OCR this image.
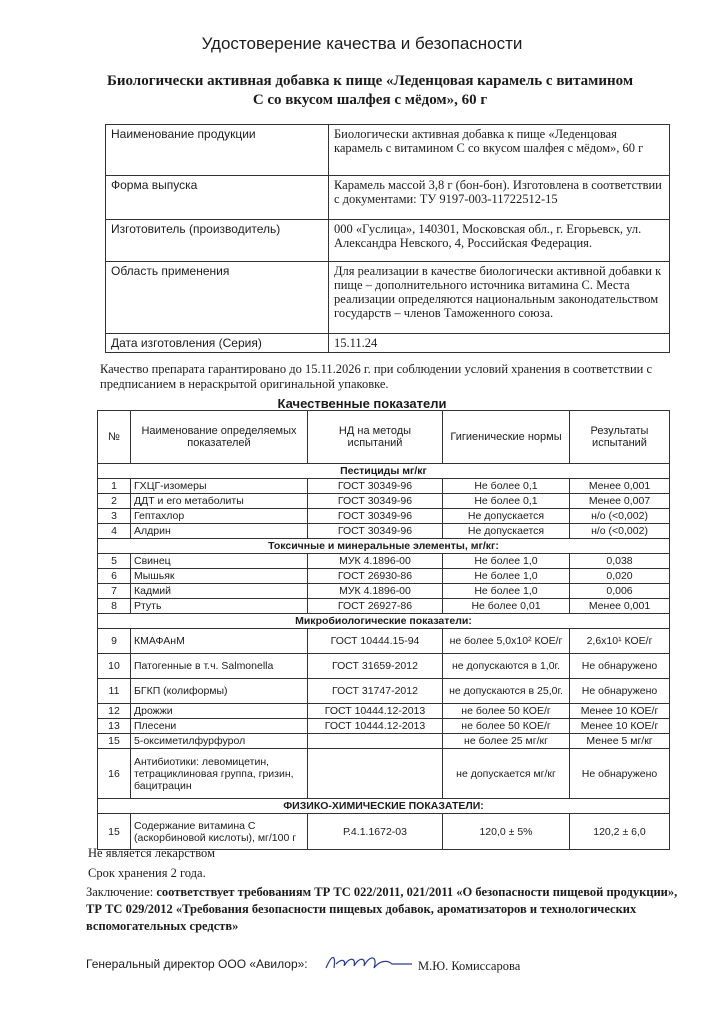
Удостоверение качества и безопасности
Биологически активная добавка к пище «Леденцовая карамель с витамином С со вкусом шалфея с мёдом», 60 г
Наименование продукции	Биологически активная добавка к пище «Леденцовая карамель с витамином С со вкусом шалфея с мёдом», 60 г
Форма выпуска	Карамель массой 3,8 г (бон-бон). Изготовлена в соответствии с документами: ТУ 9197-003-11722512-15
Изготовитель (производитель)	000 «Гуслица», 140301, Московская обл., г. Егорьевск, ул. Александра Невского, 4, Российская Федерация.
Область применения	Для реализации в качестве биологически активной добавки к пище – дополнительного источника витамина С. Места реализации определяются национальным законодательством государств – членов Таможенного союза.
Дата изготовления (Серия)	15.11.24
Качество препарата гарантировано до 15.11.2026 г. при соблюдении условий хранения в соответствии с предписанием в нераскрытой оригинальной упаковке.
Качественные показатели
№	Наименование определяемых показателей	НД на методы испытаний	Гигиенические нормы	Результаты испытаний
Пестициды мг/кг				
1	ГХЦГ-изомеры	ГОСТ 30349-96	Не более 0,1	Менее 0,001
2	ДДТ и его метаболиты	ГОСТ 30349-96	Не более 0,1	Менее 0,007
3	Гептахлор	ГОСТ 30349-96	Не допускается	н/о (<0,002)
4	Алдрин	ГОСТ 30349-96	Не допускается	н/о (<0,002)
Токсичные и минеральные элементы, мг/кг:				
5	Свинец	МУК 4.1896-00	Не более 1,0	0,038
6	Мышьяк	ГОСТ 26930-86	Не более 1,0	0,020
7	Кадмий	МУК 4.1896-00	Не более 1,0	0,006
8	Ртуть	ГОСТ 26927-86	Не более 0,01	Менее 0,001
Микробиологические показатели:				
9	КМАФАнМ	ГОСТ 10444.15-94	не более 5,0x10² КОЕ/г	2,6x10¹ КОЕ/г
10	Патогенные в т.ч. Salmonella	ГОСТ 31659-2012	не допускаются в 1,0г.	Не обнаружено
11	БГКП (колиформы)	ГОСТ 31747-2012	не допускаются в 25,0г.	Не обнаружено
12	Дрожжи	ГОСТ 10444.12-2013	не более 50 КОЕ/г	Менее 10 КОЕ/г
13	Плесени	ГОСТ 10444.12-2013	не более 50 КОЕ/г	Менее 10 КОЕ/г
15	5-оксиметилфурфурол		не более 25 мг/кг	Менее 5 мг/кг
16	Антибиотики: левомицетин, тетрациклиновая группа, гризин, бацитрацин		не допускается мг/кг	Не обнаружено
ФИЗИКО-ХИМИЧЕСКИЕ ПОКАЗАТЕЛИ:				
15	Содержание витамина С (аскорбиновой кислоты), мг/100 г	Р.4.1.1672-03	120,0 ± 5%	120,2 ± 6,0
Не является лекарством
Срок хранения 2 года.
Заключение: соответствует требованиям ТР ТС 022/2011, 021/2011 «О безопасности пищевой продукции», ТР ТС 029/2012 «Требования безопасности пищевых добавок, ароматизаторов и технологических вспомогательных средств»
Генеральный директор ООО «Авилор»:	М.Ю. Комиссарова
